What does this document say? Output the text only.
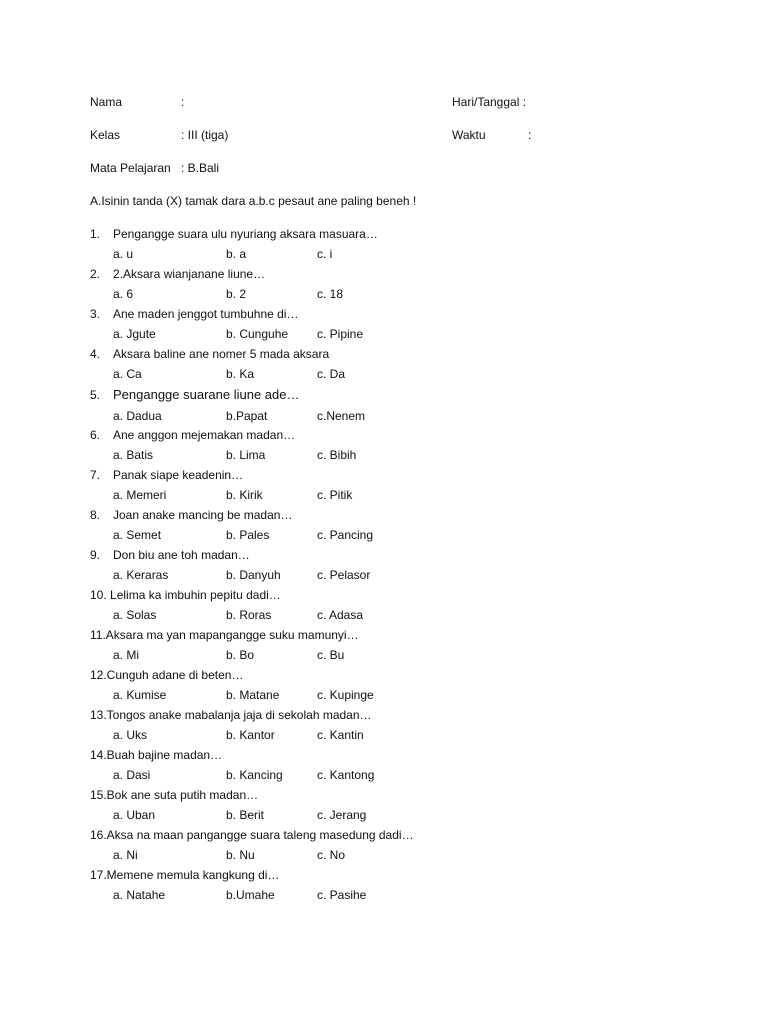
Nama	:	Hari/Tanggal :
Kelas	: III (tiga)	Waktu	:
Mata Pelajaran : B.Bali
A.Isinin tanda (X) tamak dara a.b.c pesaut ane paling beneh !
1. Pengangge suara ulu nyuriang aksara masuara…
a. u	b. a	c. i
2. 2.Aksara wianjanane liune…
a. 6	b. 2	c. 18
3. Ane maden jenggot tumbuhne di…
a. Jgute	b. Cunguhe c. Pipine
4. Aksara baline ane nomer 5 mada aksara
a. Ca	b. Ka	c. Da
5. Pengangge suarane liune ade…
a. Dadua	b.Papat	c.Nenem
6. Ane anggon mejemakan madan…
a. Batis	b. Lima	c. Bibih
7. Panak siape keadenin…
a. Memeri	b. Kirik	c. Pitik
8. Joan anake mancing be madan…
a. Semet	b. Pales	c. Pancing
9. Don biu ane toh madan…
a. Keraras	b. Danyuh	c. Pelasor
10. Lelima ka imbuhin pepitu dadi…
a. Solas	b. Roras	c. Adasa
11.Aksara ma yan mapangangge suku mamunyi…
a. Mi	b. Bo	c. Bu
12.Cunguh adane di beten…
a. Kumise	b. Matane	c. Kupinge
13.Tongos anake mabalanja jaja di sekolah madan…
a. Uks	b. Kantor	c. Kantin
14.Buah bajine madan…
a. Dasi	b. Kancing	c. Kantong
15.Bok ane suta putih madan…
a. Uban	b. Berit	c. Jerang
16.Aksa na maan pangangge suara taleng masedung dadi…
a. Ni	b. Nu	c. No
17.Memene memula kangkung di…
a. Natahe	b.Umahe	c. Pasihe
